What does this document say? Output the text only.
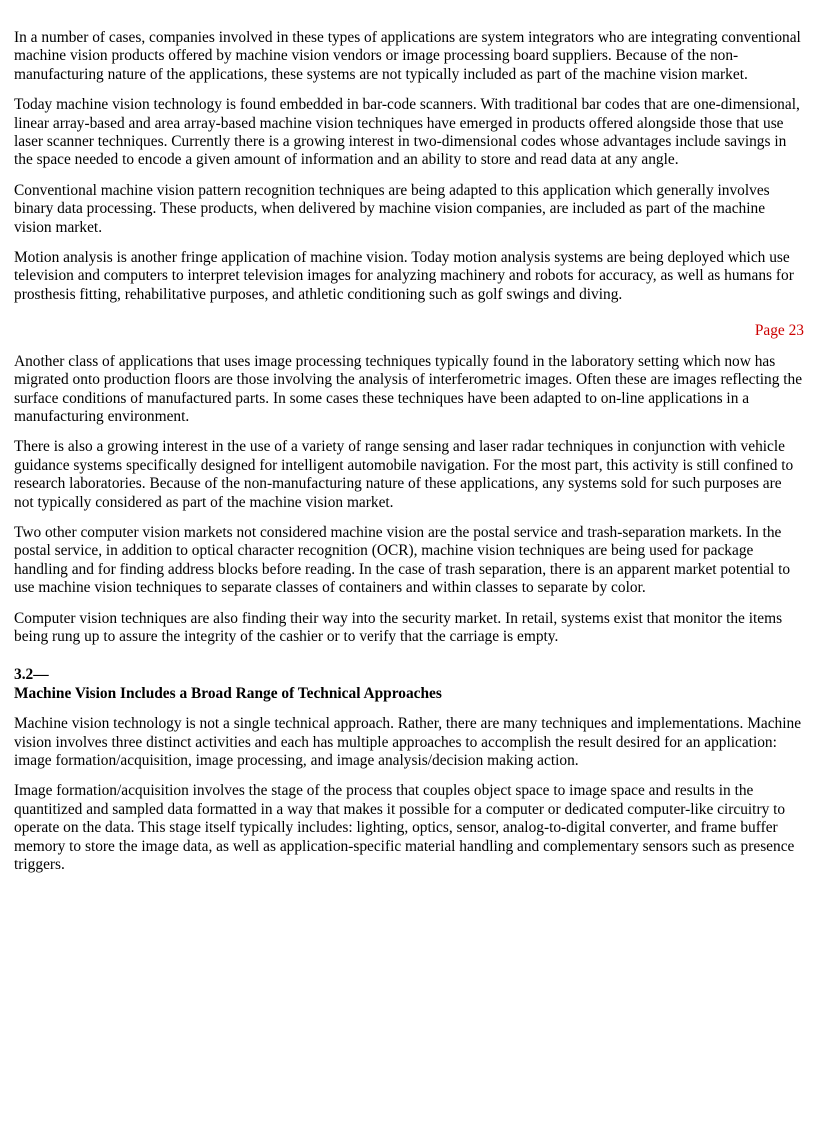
In a number of cases, companies involved in these types of applications are system integrators who are integrating conventional machine vision products offered by machine vision vendors or image processing board suppliers. Because of the non-manufacturing nature of the applications, these systems are not typically included as part of the machine vision market.

Today machine vision technology is found embedded in bar-code scanners. With traditional bar codes that are one-dimensional, linear array-based and area array-based machine vision techniques have emerged in products offered alongside those that use laser scanner techniques. Currently there is a growing interest in two-dimensional codes whose advantages include savings in the space needed to encode a given amount of information and an ability to store and read data at any angle.

Conventional machine vision pattern recognition techniques are being adapted to this application which generally involves binary data processing. These products, when delivered by machine vision companies, are included as part of the machine vision market.

Motion analysis is another fringe application of machine vision. Today motion analysis systems are being deployed which use television and computers to interpret television images for analyzing machinery and robots for accuracy, as well as humans for prosthesis fitting, rehabilitative purposes, and athletic conditioning such as golf swings and diving.

Page 23

Another class of applications that uses image processing techniques typically found in the laboratory setting which now has migrated onto production floors are those involving the analysis of interferometric images. Often these are images reflecting the surface conditions of manufactured parts. In some cases these techniques have been adapted to on-line applications in a manufacturing environment.

There is also a growing interest in the use of a variety of range sensing and laser radar techniques in conjunction with vehicle guidance systems specifically designed for intelligent automobile navigation. For the most part, this activity is still confined to research laboratories. Because of the non-manufacturing nature of these applications, any systems sold for such purposes are not typically considered as part of the machine vision market.

Two other computer vision markets not considered machine vision are the postal service and trash-separation markets. In the postal service, in addition to optical character recognition (OCR), machine vision techniques are being used for package handling and for finding address blocks before reading. In the case of trash separation, there is an apparent market potential to use machine vision techniques to separate classes of containers and within classes to separate by color.

Computer vision techniques are also finding their way into the security market. In retail, systems exist that monitor the items being rung up to assure the integrity of the cashier or to verify that the carriage is empty.

3.2—
Machine Vision Includes a Broad Range of Technical Approaches

Machine vision technology is not a single technical approach. Rather, there are many techniques and implementations. Machine vision involves three distinct activities and each has multiple approaches to accomplish the result desired for an application: image formation/acquisition, image processing, and image analysis/decision making action.

Image formation/acquisition involves the stage of the process that couples object space to image space and results in the quantitized and sampled data formatted in a way that makes it possible for a computer or dedicated computer-like circuitry to operate on the data. This stage itself typically includes: lighting, optics, sensor, analog-to-digital converter, and frame buffer memory to store the image data, as well as application-specific material handling and complementary sensors such as presence triggers.
